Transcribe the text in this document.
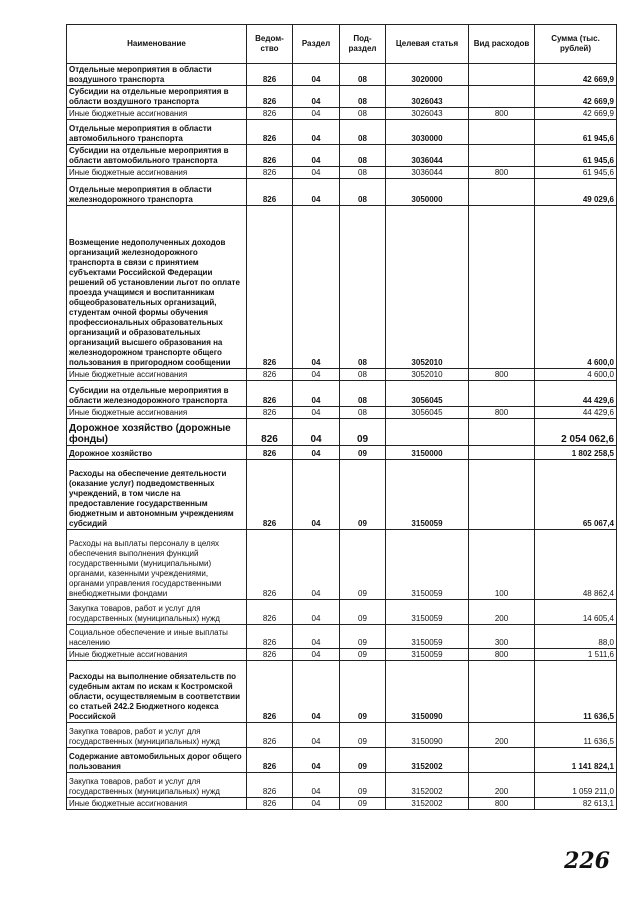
Наименование	Ведом-ство	Раздел	Под-раздел	Целевая статья	Вид расходов	Сумма (тыс. рублей)
Отдельные мероприятия в области воздушного транспорта	826	04	08	3020000		42 669,9
Субсидии на отдельные мероприятия в области воздушного транспорта	826	04	08	3026043		42 669,9
Иные бюджетные ассигнования	826	04	08	3026043	800	42 669,9
Отдельные мероприятия в области автомобильного транспорта	826	04	08	3030000		61 945,6
Субсидии на отдельные мероприятия в области автомобильного транспорта	826	04	08	3036044		61 945,6
Иные бюджетные ассигнования	826	04	08	3036044	800	61 945,6
Отдельные мероприятия в области железнодорожного транспорта	826	04	08	3050000		49 029,6
Возмещение недополученных доходов организаций железнодорожного транспорта в связи с принятием субъектами Российской Федерации решений об установлении льгот по оплате проезда учащимся и воспитанникам общеобразовательных организаций, студентам очной формы обучения профессиональных образовательных организаций и образовательных организаций высшего образования на железнодорожном транспорте общего пользования в пригородном сообщении	826	04	08	3052010		4 600,0
Иные бюджетные ассигнования	826	04	08	3052010	800	4 600,0
Субсидии на отдельные мероприятия в области железнодорожного транспорта	826	04	08	3056045		44 429,6
Иные бюджетные ассигнования	826	04	08	3056045	800	44 429,6
Дорожное хозяйство (дорожные фонды)	826	04	09			2 054 062,6
Дорожное хозяйство	826	04	09	3150000		1 802 258,5
Расходы на обеспечение деятельности (оказание услуг) подведомственных учреждений, в том числе на предоставление государственным бюджетным и автономным учреждениям субсидий	826	04	09	3150059		65 067,4
Расходы на выплаты персоналу в целях обеспечения выполнения функций государственными (муниципальными) органами, казенными учреждениями, органами управления государственными внебюджетными фондами	826	04	09	3150059	100	48 862,4
Закупка товаров, работ и услуг для государственных (муниципальных) нужд	826	04	09	3150059	200	14 605,4
Социальное обеспечение и иные выплаты населению	826	04	09	3150059	300	88,0
Иные бюджетные ассигнования	826	04	09	3150059	800	1 511,6
Расходы на выполнение обязательств по судебным актам по искам к Костромской области, осуществляемым в соответствии со статьей 242.2 Бюджетного кодекса Российской	826	04	09	3150090		11 636,5
Закупка товаров, работ и услуг для государственных (муниципальных) нужд	826	04	09	3150090	200	11 636,5
Содержание автомобильных дорог общего пользования	826	04	09	3152002		1 141 824,1
Закупка товаров, работ и услуг для государственных (муниципальных) нужд	826	04	09	3152002	200	1 059 211,0
Иные бюджетные ассигнования	826	04	09	3152002	800	82 613,1
226
